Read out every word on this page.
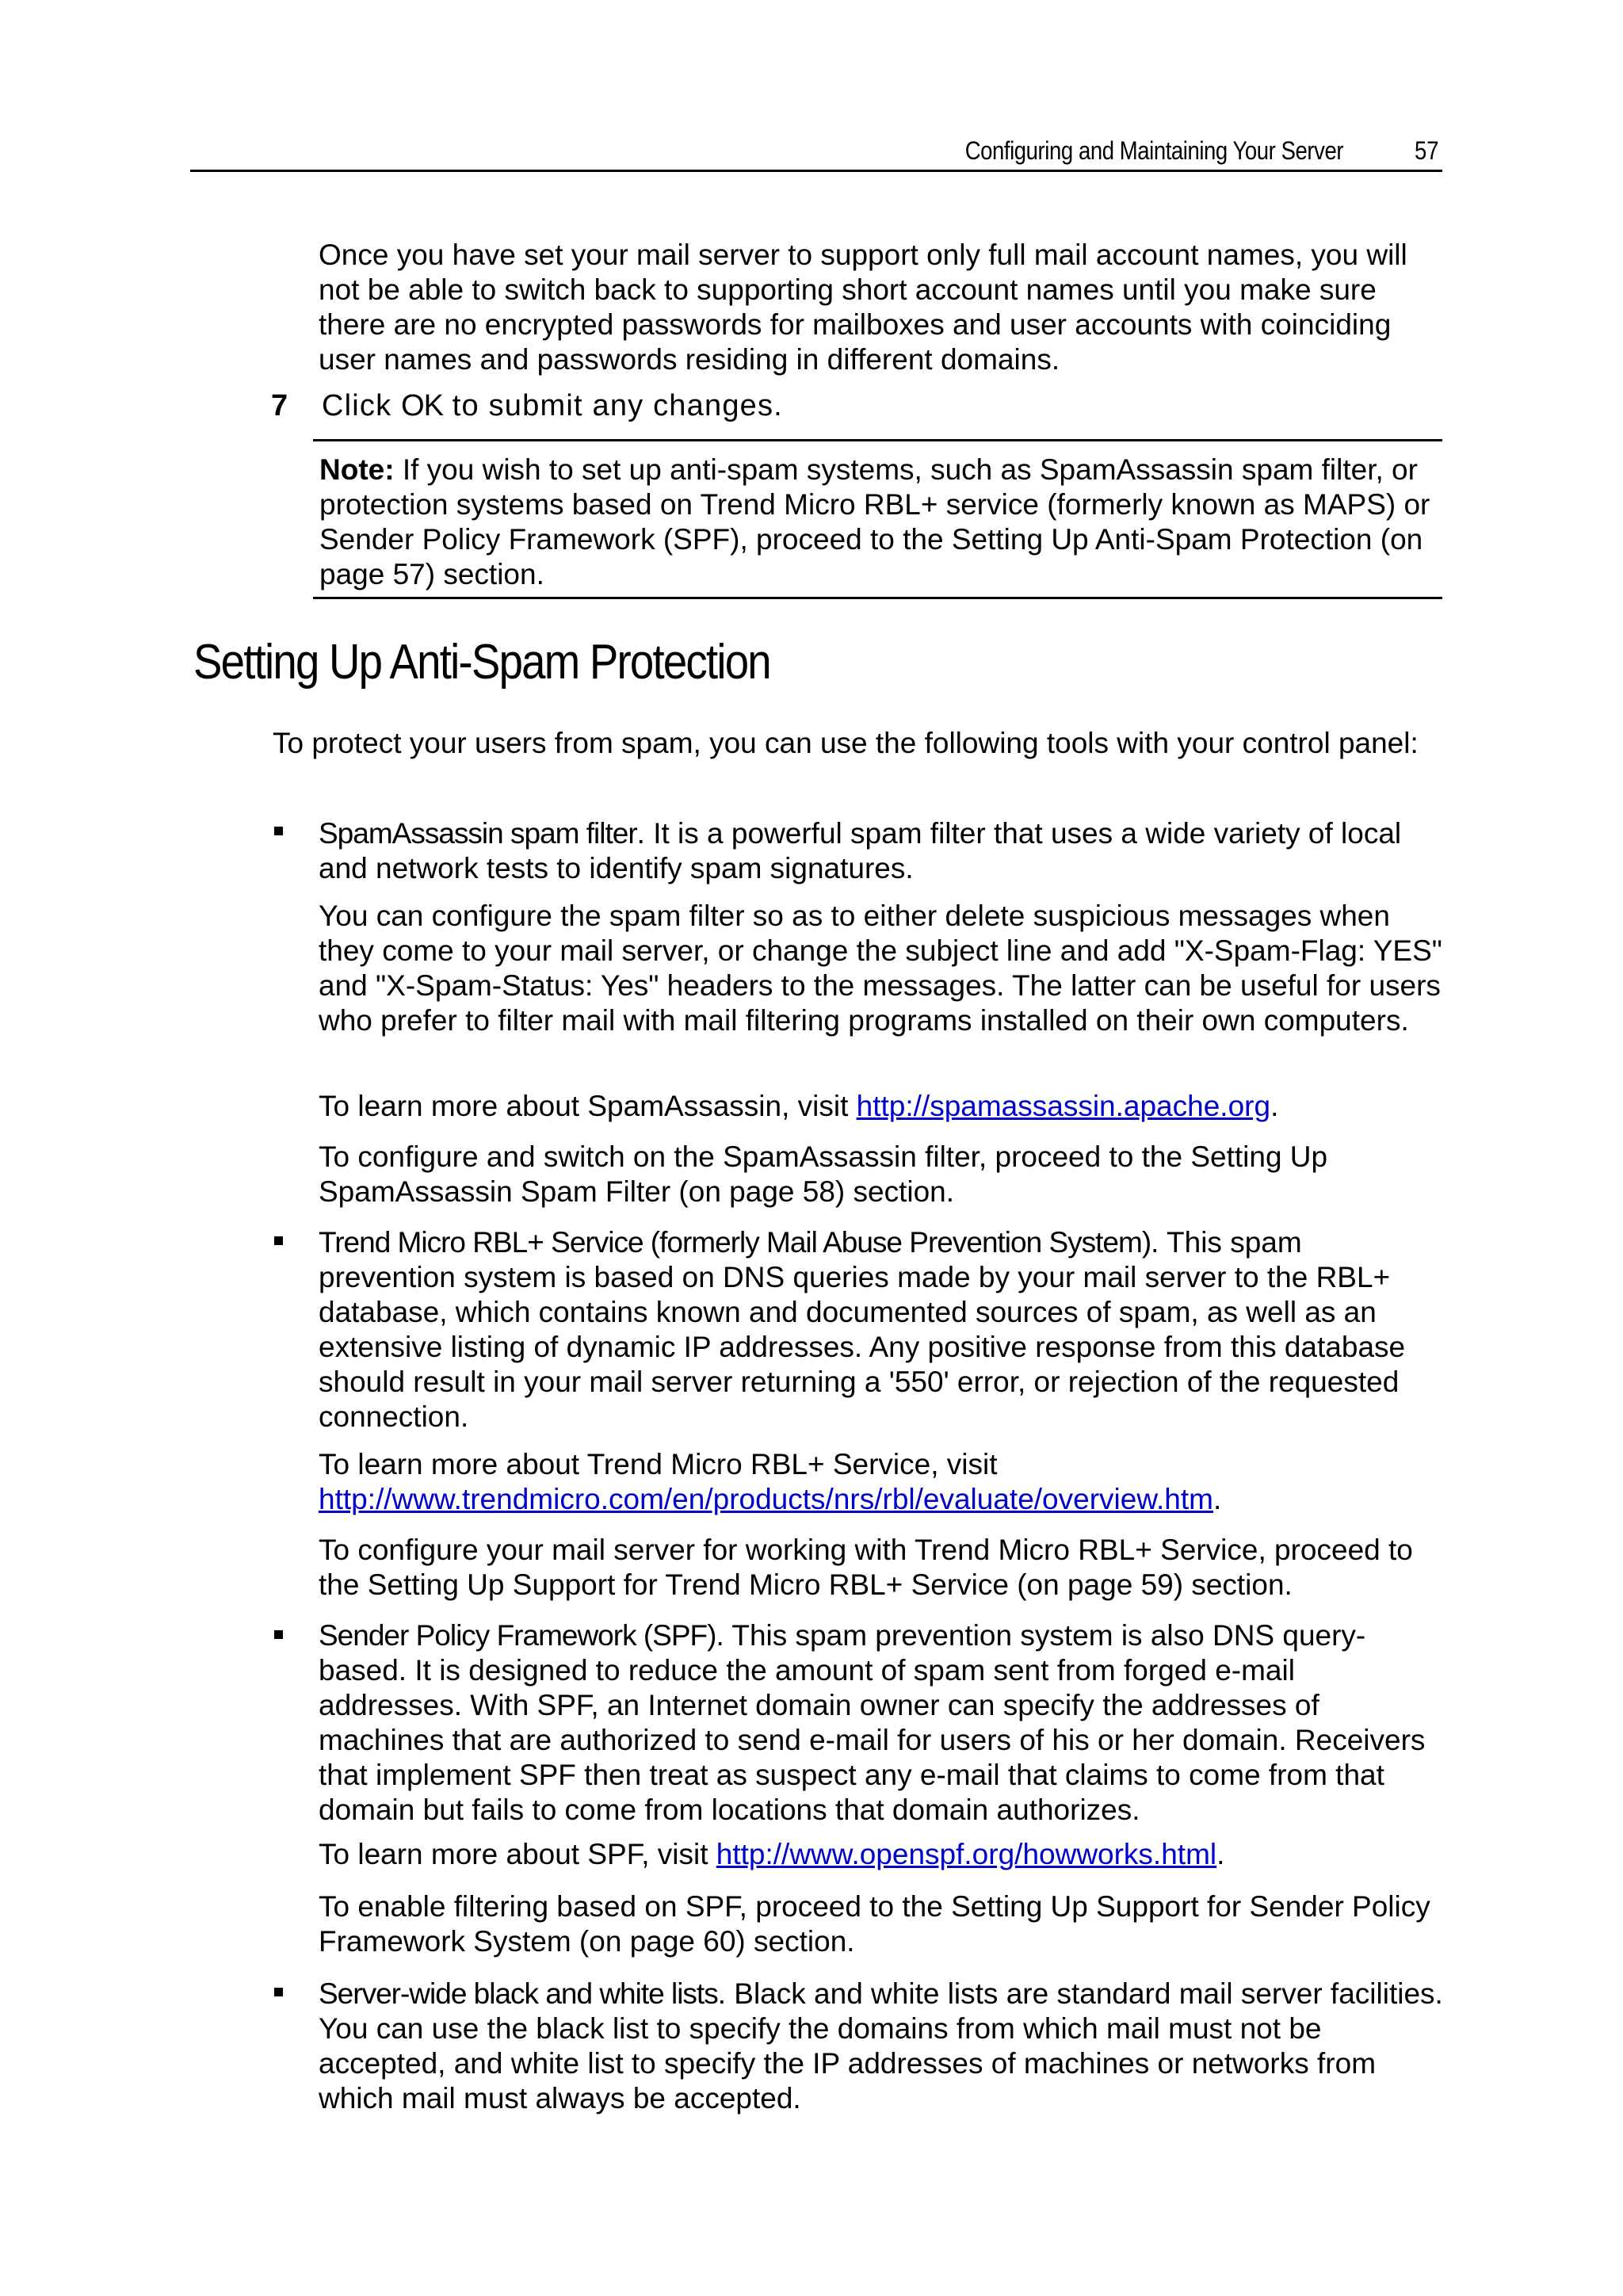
Configuring and Maintaining Your Server	57

Once you have set your mail server to support only full mail account names, you will not be able to switch back to supporting short account names until you make sure there are no encrypted passwords for mailboxes and user accounts with coinciding user names and passwords residing in different domains.

7 Click OK to submit any changes.

Note: If you wish to set up anti-spam systems, such as SpamAssassin spam filter, or protection systems based on Trend Micro RBL+ service (formerly known as MAPS) or Sender Policy Framework (SPF), proceed to the Setting Up Anti-Spam Protection (on page 57) section.

Setting Up Anti-Spam Protection

To protect your users from spam, you can use the following tools with your control panel:

SpamAssassin spam filter. It is a powerful spam filter that uses a wide variety of local and network tests to identify spam signatures.

You can configure the spam filter so as to either delete suspicious messages when they come to your mail server, or change the subject line and add "X-Spam-Flag: YES" and "X-Spam-Status: Yes" headers to the messages. The latter can be useful for users who prefer to filter mail with mail filtering programs installed on their own computers.

To learn more about SpamAssassin, visit http://spamassassin.apache.org.

To configure and switch on the SpamAssassin filter, proceed to the Setting Up SpamAssassin Spam Filter (on page 58) section.

Trend Micro RBL+ Service (formerly Mail Abuse Prevention System). This spam prevention system is based on DNS queries made by your mail server to the RBL+ database, which contains known and documented sources of spam, as well as an extensive listing of dynamic IP addresses. Any positive response from this database should result in your mail server returning a '550' error, or rejection of the requested connection.

To learn more about Trend Micro RBL+ Service, visit
http://www.trendmicro.com/en/products/nrs/rbl/evaluate/overview.htm.

To configure your mail server for working with Trend Micro RBL+ Service, proceed to the Setting Up Support for Trend Micro RBL+ Service (on page 59) section.

Sender Policy Framework (SPF). This spam prevention system is also DNS query-based. It is designed to reduce the amount of spam sent from forged e-mail addresses. With SPF, an Internet domain owner can specify the addresses of machines that are authorized to send e-mail for users of his or her domain. Receivers that implement SPF then treat as suspect any e-mail that claims to come from that domain but fails to come from locations that domain authorizes.

To learn more about SPF, visit http://www.openspf.org/howworks.html.

To enable filtering based on SPF, proceed to the Setting Up Support for Sender Policy Framework System (on page 60) section.

Server-wide black and white lists. Black and white lists are standard mail server facilities. You can use the black list to specify the domains from which mail must not be accepted, and white list to specify the IP addresses of machines or networks from which mail must always be accepted.
